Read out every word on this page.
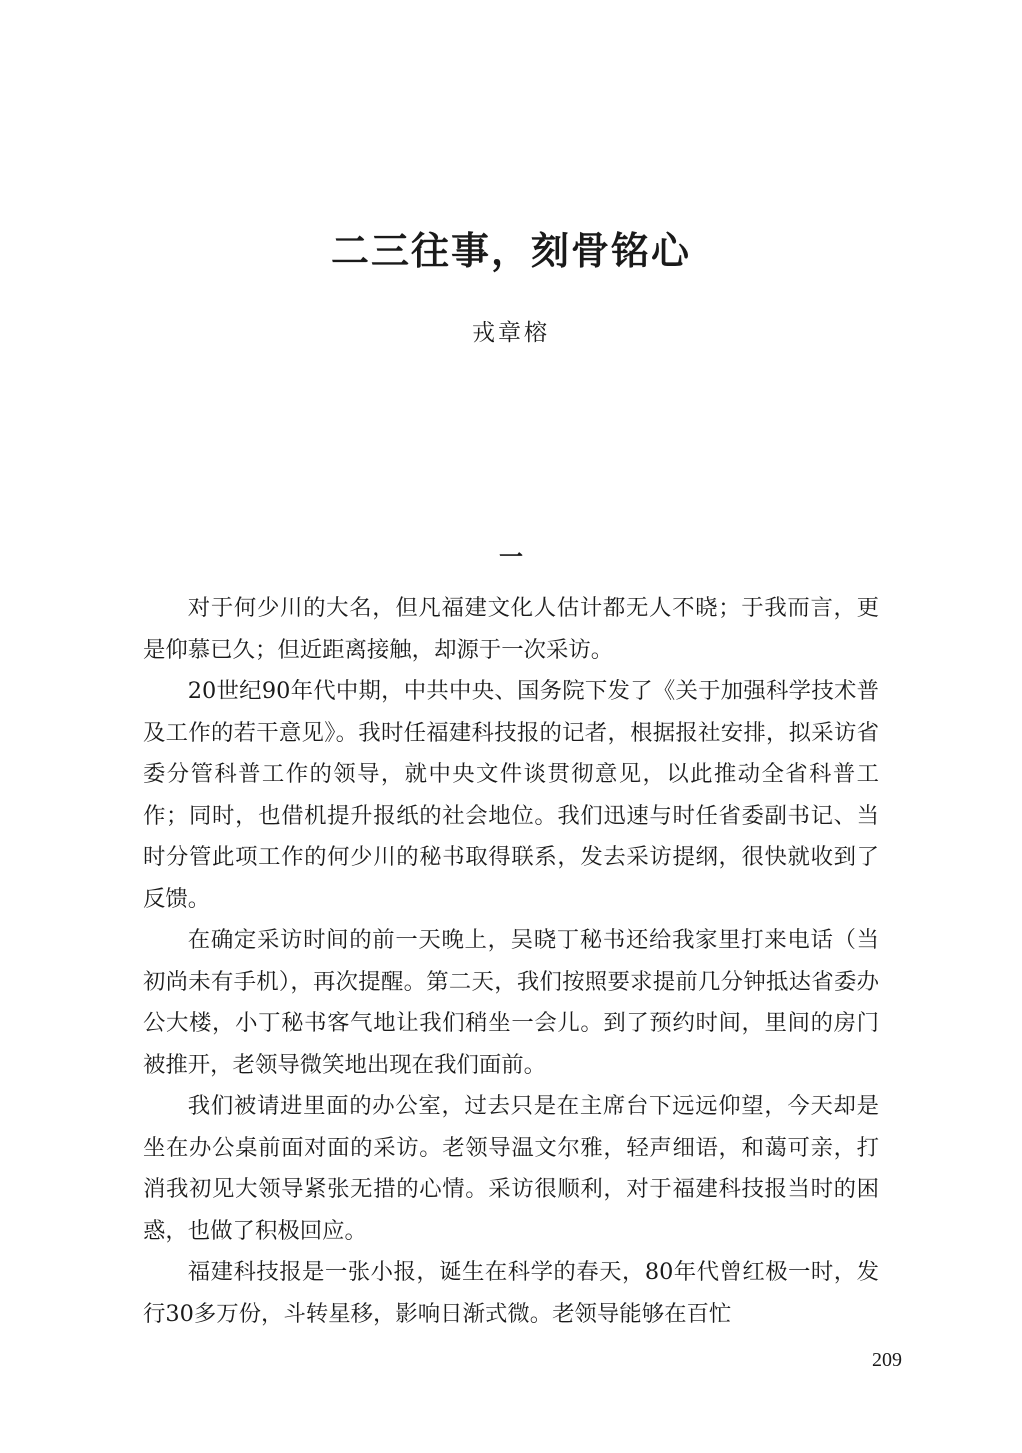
二三往事，刻骨铭心
戎章榕
一

对于何少川的大名，但凡福建文化人估计都无人不晓；于我而言，更是仰慕已久；但近距离接触，却源于一次采访。

20世纪90年代中期，中共中央、国务院下发了《关于加强科学技术普及工作的若干意见》。我时任福建科技报的记者，根据报社安排，拟采访省委分管科普工作的领导，就中央文件谈贯彻意见，以此推动全省科普工作；同时，也借机提升报纸的社会地位。我们迅速与时任省委副书记、当时分管此项工作的何少川的秘书取得联系，发去采访提纲，很快就收到了反馈。

在确定采访时间的前一天晚上，吴晓丁秘书还给我家里打来电话（当初尚未有手机），再次提醒。第二天，我们按照要求提前几分钟抵达省委办公大楼，小丁秘书客气地让我们稍坐一会儿。到了预约时间，里间的房门被推开，老领导微笑地出现在我们面前。

我们被请进里面的办公室，过去只是在主席台下远远仰望，今天却是坐在办公桌前面对面的采访。老领导温文尔雅，轻声细语，和蔼可亲，打消我初见大领导紧张无措的心情。采访很顺利，对于福建科技报当时的困惑，也做了积极回应。

福建科技报是一张小报，诞生在科学的春天，80年代曾红极一时，发行30多万份，斗转星移，影响日渐式微。老领导能够在百忙

209
